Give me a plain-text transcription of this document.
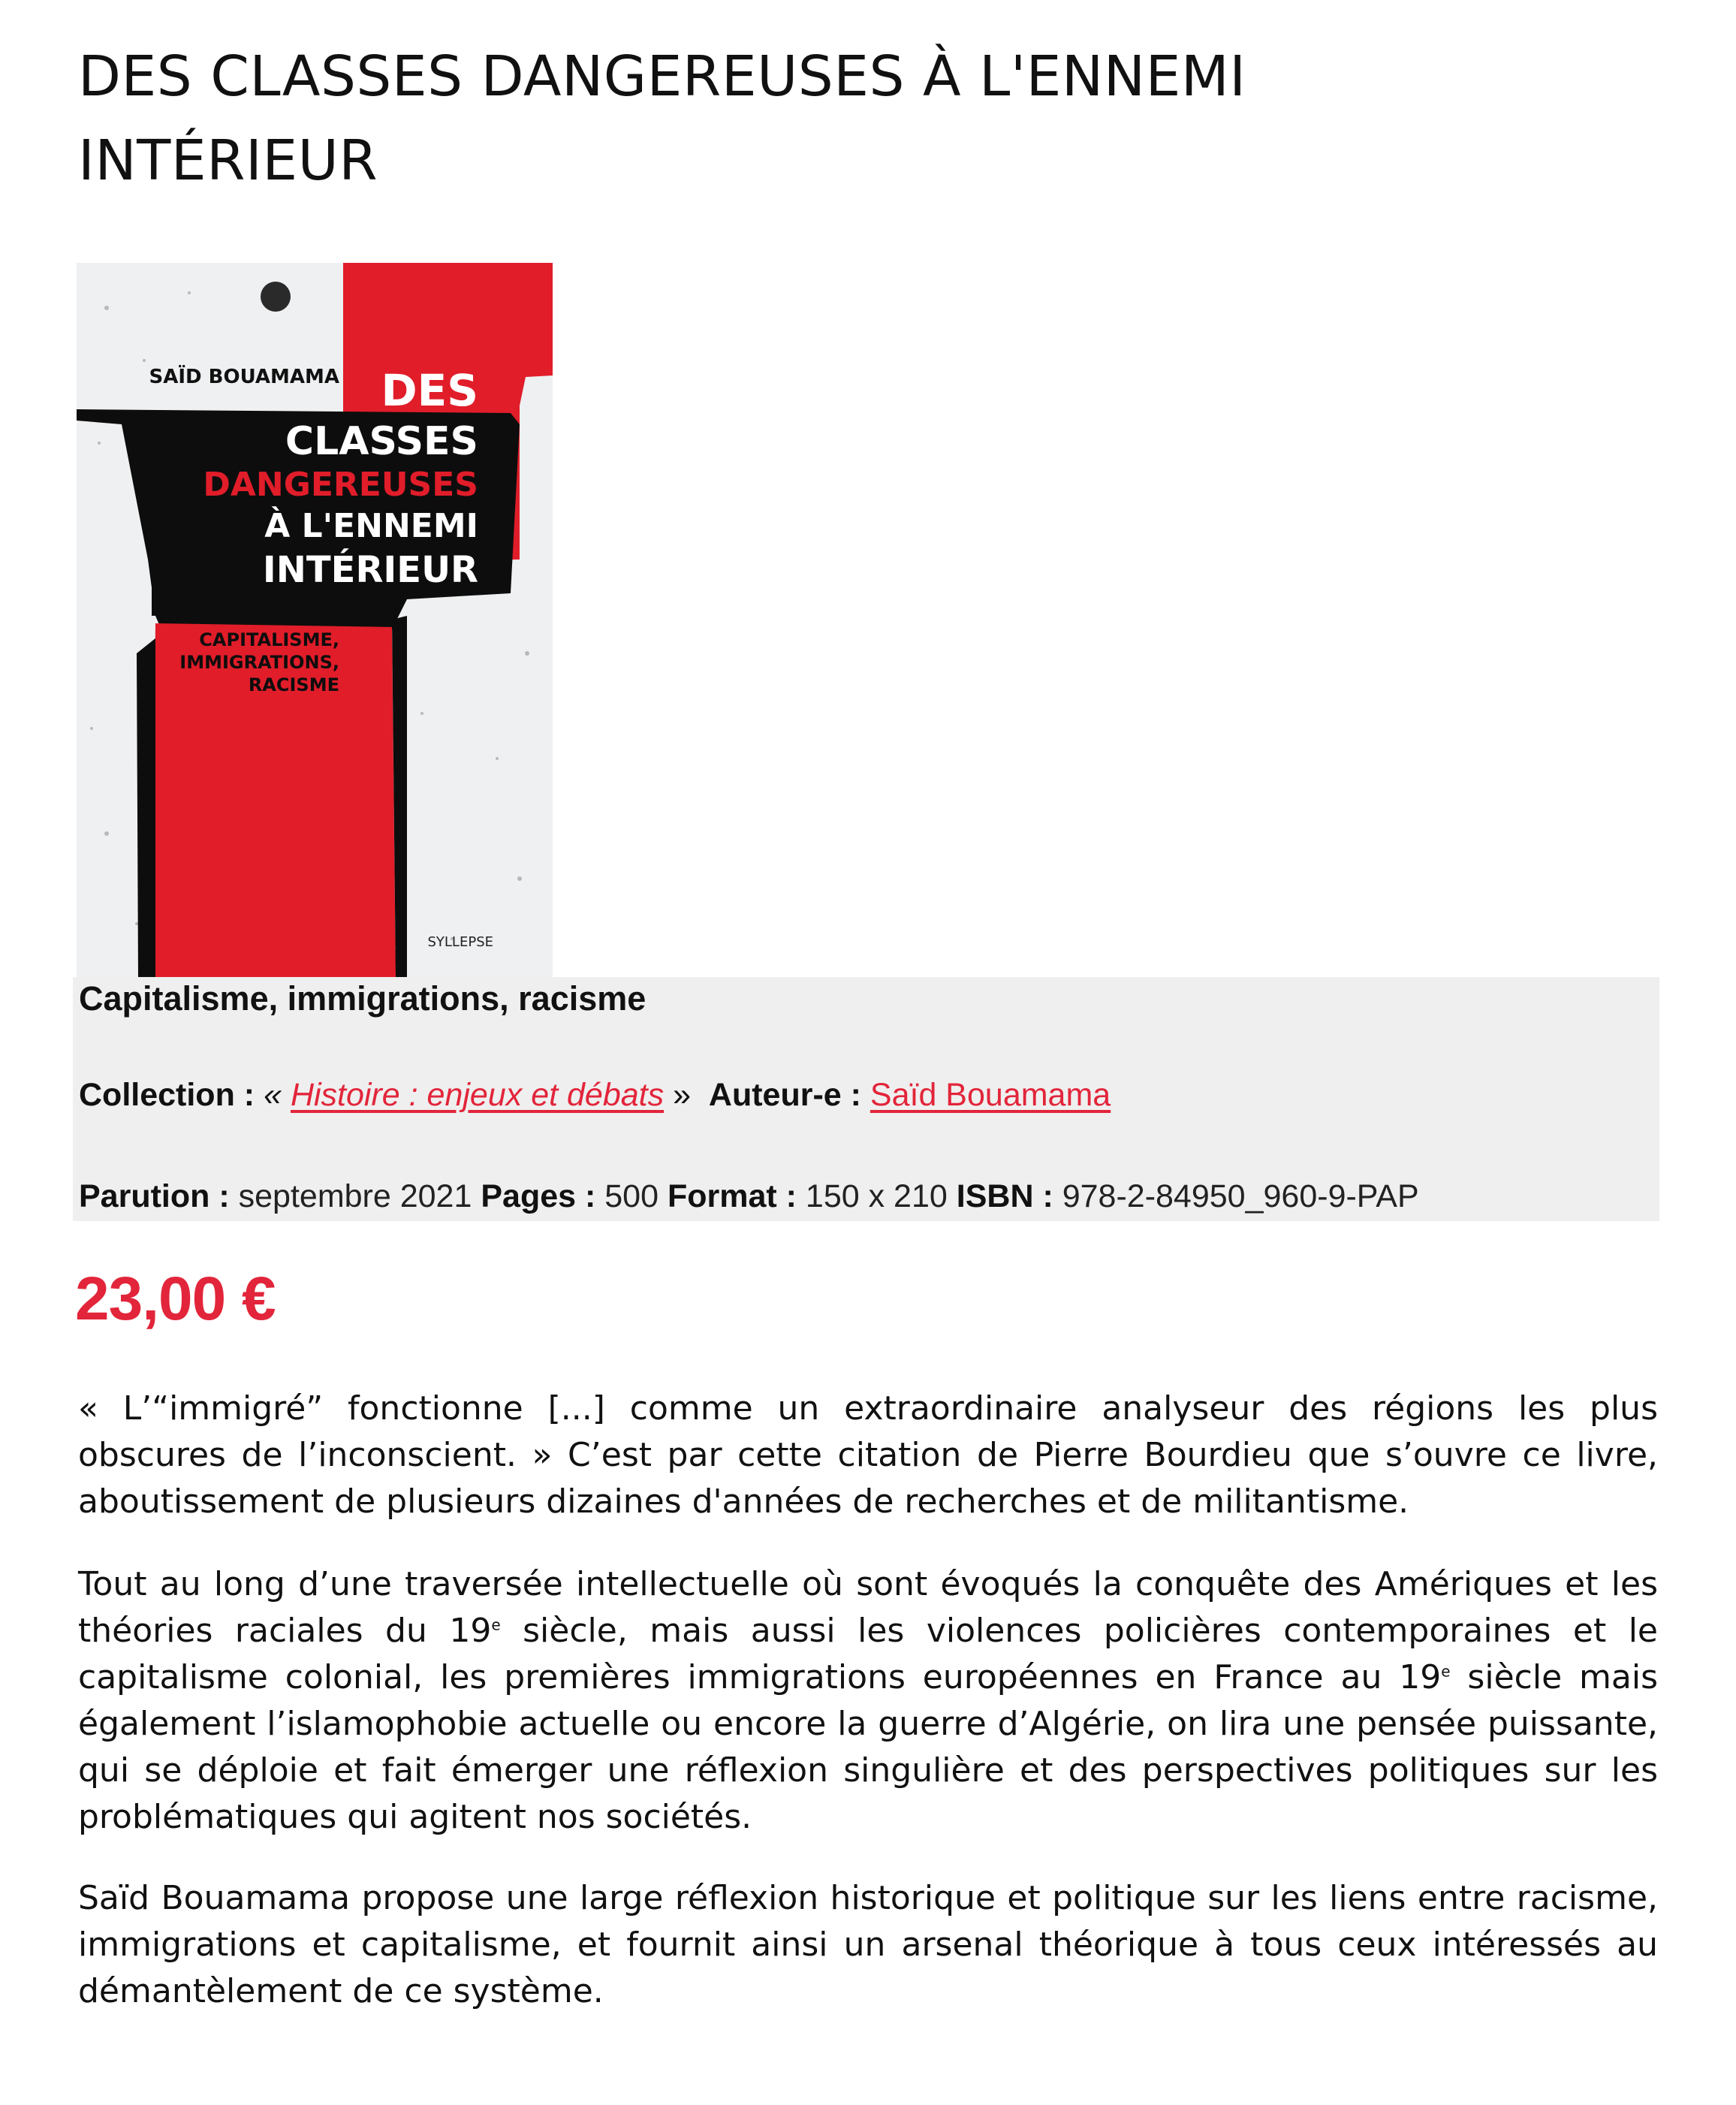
DES CLASSES DANGEREUSES À L'ENNEMI INTÉRIEUR
SAÏD BOUAMAMA DES
CLASSES
DANGEREUSES
À L'ENNEMI
INTÉRIEUR
CAPITALISME,
IMMIGRATIONS,
RACISME
SYLLEPSE
Capitalisme, immigrations, racisme
Collection : « Histoire : enjeux et débats » Auteur-e : Saïd Bouamama
Parution : septembre 2021 Pages : 500 Format : 150 x 210 ISBN : 978-2-84950_960-9-PAP
23,00 €

« L’“immigré” fonctionne [...] comme un extraordinaire analyseur des régions les plus obscures de l’inconscient. » C’est par cette citation de Pierre Bourdieu que s’ouvre ce livre, aboutissement de plusieurs dizaines d'années de recherches et de militantisme.

Tout au long d’une traversée intellectuelle où sont évoqués la conquête des Amériques et les théories raciales du 19e siècle, mais aussi les violences policières contemporaines et le capitalisme colonial, les premières immigrations européennes en France au 19e siècle mais également l’islamophobie actuelle ou encore la guerre d’Algérie, on lira une pensée puissante, qui se déploie et fait émerger une réflexion singulière et des perspectives politiques sur les problématiques qui agitent nos sociétés.

Saïd Bouamama propose une large réflexion historique et politique sur les liens entre racisme, immigrations et capitalisme, et fournit ainsi un arsenal théorique à tous ceux intéressés au démantèlement de ce système.
